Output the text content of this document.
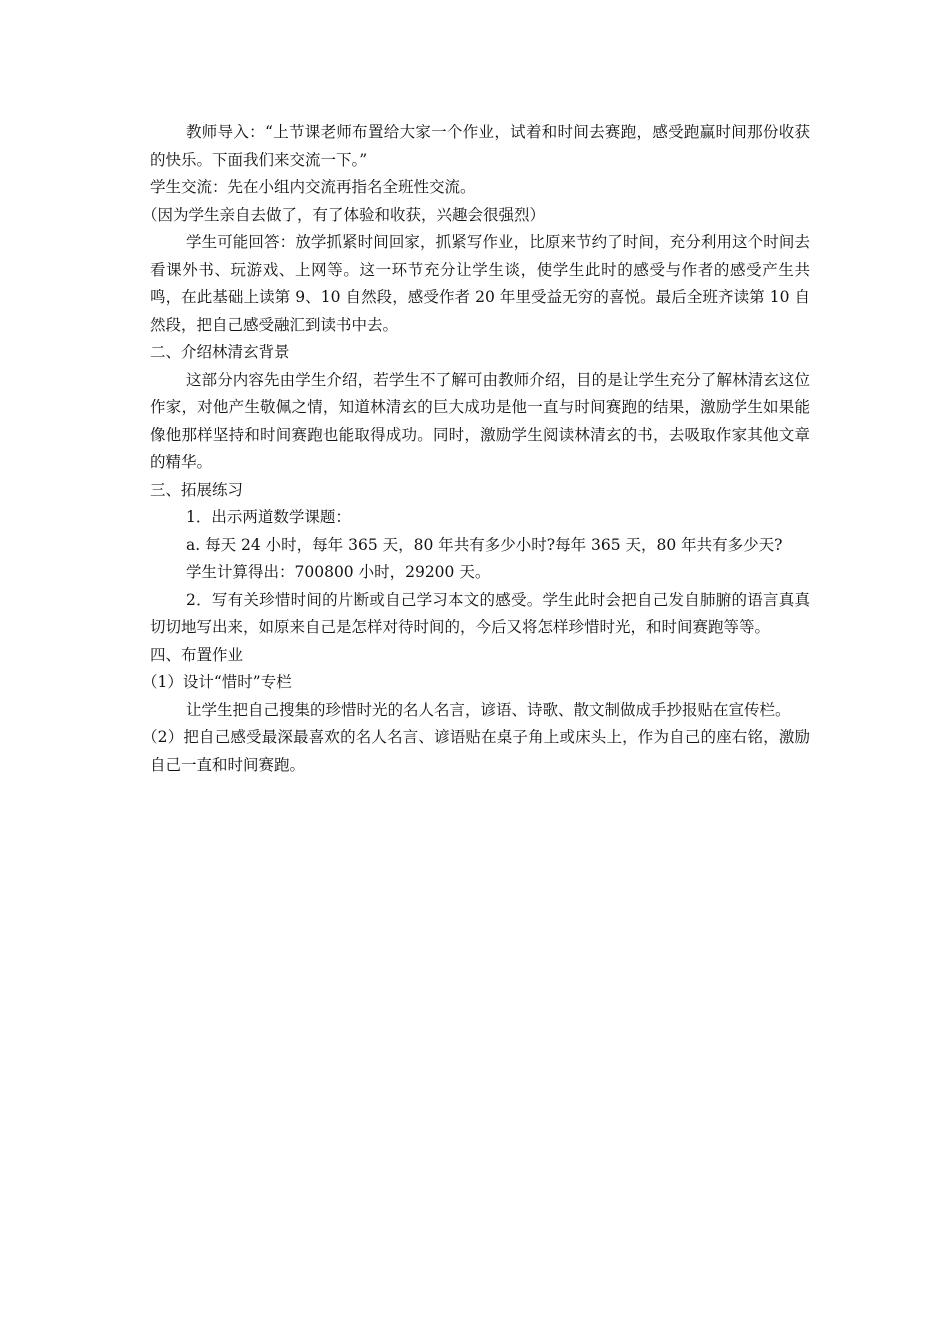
教师导入：“上节课老师布置给大家一个作业，试着和时间去赛跑，感受跑赢时间那份收获的快乐。下面我们来交流一下。”

学生交流：先在小组内交流再指名全班性交流。

（因为学生亲自去做了，有了体验和收获，兴趣会很强烈）

学生可能回答：放学抓紧时间回家，抓紧写作业，比原来节约了时间，充分利用这个时间去看课外书、玩游戏、上网等。这一环节充分让学生谈，使学生此时的感受与作者的感受产生共鸣，在此基础上读第 9、10 自然段，感受作者 20 年里受益无穷的喜悦。最后全班齐读第 10 自然段，把自己感受融汇到读书中去。

二、介绍林清玄背景

这部分内容先由学生介绍，若学生不了解可由教师介绍，目的是让学生充分了解林清玄这位作家，对他产生敬佩之情，知道林清玄的巨大成功是他一直与时间赛跑的结果，激励学生如果能像他那样坚持和时间赛跑也能取得成功。同时，激励学生阅读林清玄的书，去吸取作家其他文章的精华。

三、拓展练习

1．出示两道数学课题：

a. 每天 24 小时，每年 365 天，80 年共有多少小时?每年 365 天，80 年共有多少天?

学生计算得出：700800 小时，29200 天。

2．写有关珍惜时间的片断或自己学习本文的感受。学生此时会把自己发自肺腑的语言真真切切地写出来，如原来自己是怎样对待时间的，今后又将怎样珍惜时光，和时间赛跑等等。

四、布置作业

（1）设计“惜时”专栏

让学生把自己搜集的珍惜时光的名人名言，谚语、诗歌、散文制做成手抄报贴在宣传栏。

（2）把自己感受最深最喜欢的名人名言、谚语贴在桌子角上或床头上，作为自己的座右铭，激励自己一直和时间赛跑。
